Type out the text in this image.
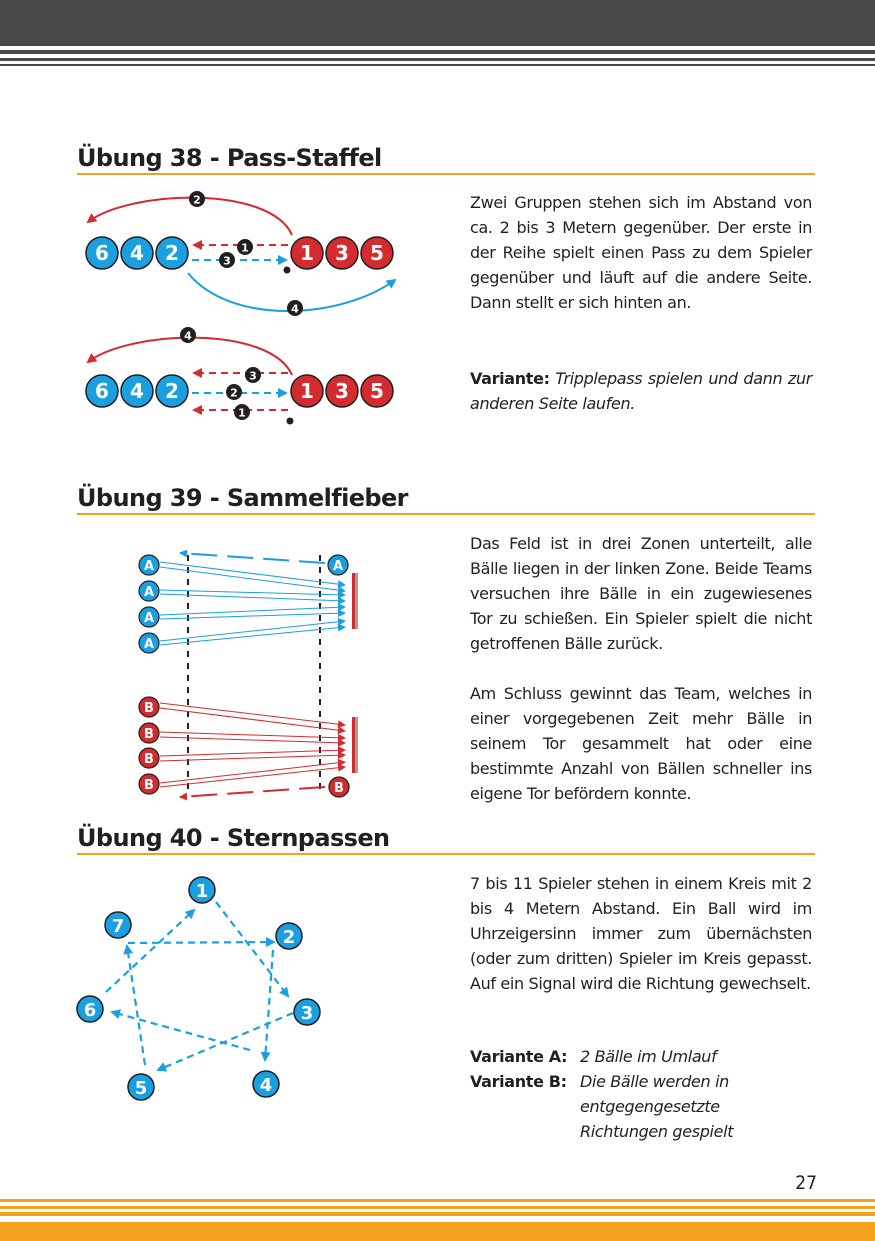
Übung 38 - Pass-Staffel
6 4 2	1 3 5
1
2
3
4
6 4 2	1 3 5
1
2
3
4

Zwei Gruppen stehen sich im Abstand von ca. 2 bis 3 Metern gegenüber. Der erste in der Reihe spielt einen Pass zu dem Spieler gegenüber und läuft auf die andere Seite. Dann stellt er sich hinten an.

Variante: Tripplepass spielen und dann zur anderen Seite laufen.

Übung 39 - Sammelfieber
A
A
A
A
A
B
B
B
B	B

Das Feld ist in drei Zonen unterteilt, alle Bälle liegen in der linken Zone. Beide Teams versuchen ihre Bälle in ein zugewiesenes Tor zu schießen. Ein Spieler spielt die nicht getroffenen Bälle zurück.

Am Schluss gewinnt das Team, welches in einer vorgegebenen Zeit mehr Bälle in seinem Tor gesammelt hat oder eine bestimmte Anzahl von Bällen schneller ins eigene Tor befördern konnte.

Übung 40 - Sternpassen
1
2
3
4
5
6
7

7 bis 11 Spieler stehen in einem Kreis mit 2 bis 4 Metern Abstand. Ein Ball wird im Uhrzeigersinn immer zum übernächsten (oder zum dritten) Spieler im Kreis gepasst. Auf ein Signal wird die Richtung gewechselt.

Variante A: 2 Bälle im Umlauf
Variante B: Die Bälle werden in
entgegengesetzte
Richtungen gespielt
27
